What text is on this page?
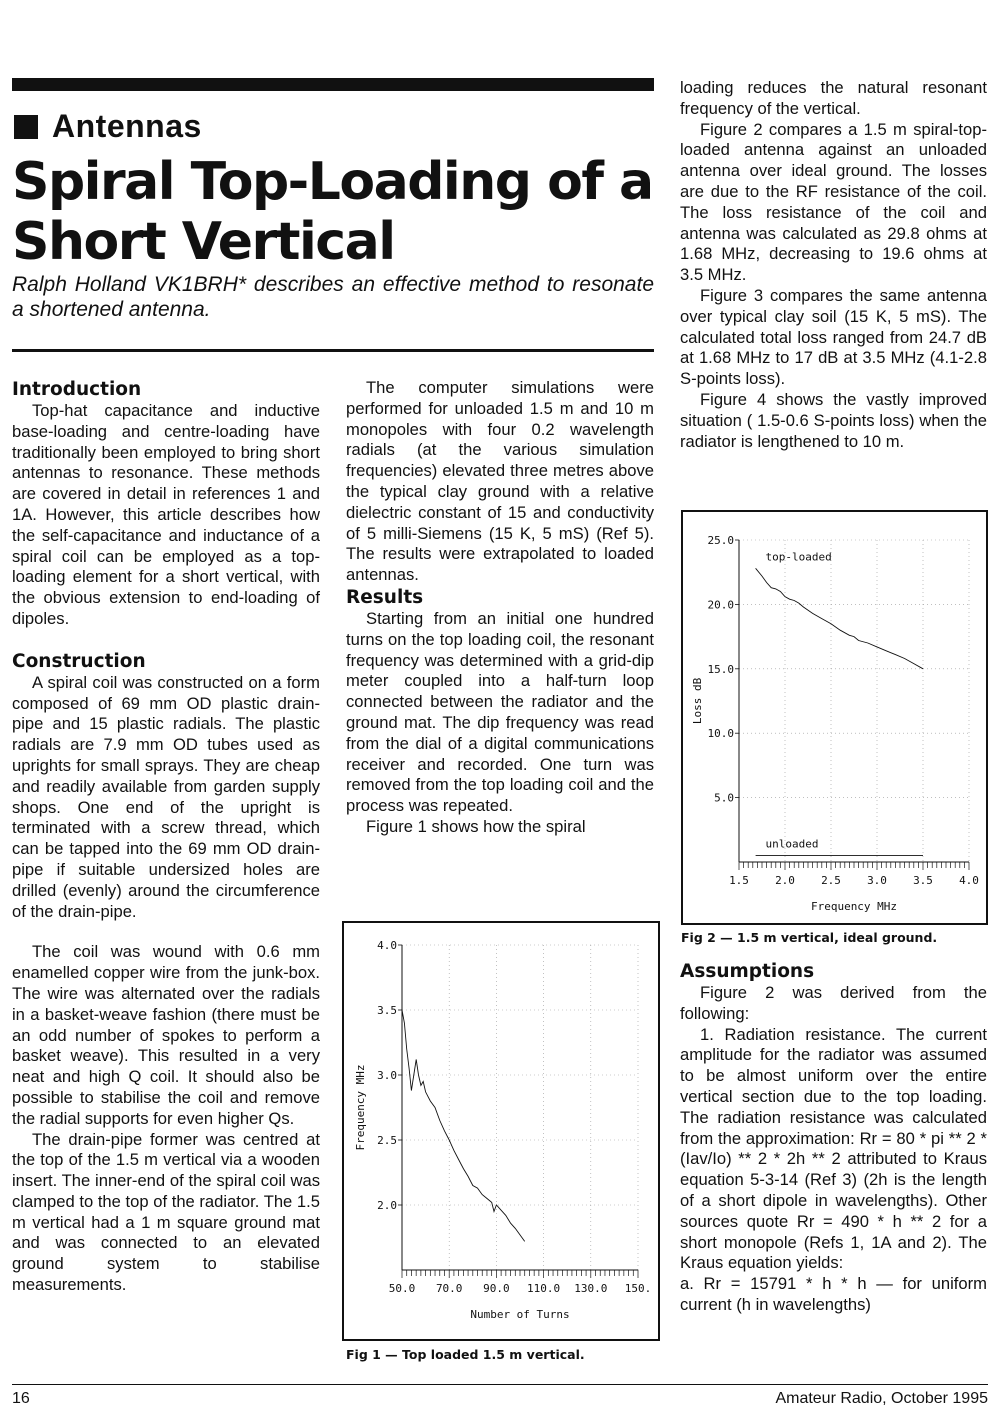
Antennas
Spiral Top-Loading of a
Short Vertical
Ralph Holland VK1BRH* describes an effective method to resonate a shortened antenna.
Introduction

Top-hat capacitance and inductive base-loading and centre-loading have traditionally been employed to bring short antennas to resonance. These methods are covered in detail in references 1 and 1A. However, this article describes how the self-capacitance and inductance of a spiral coil can be employed as a top-loading element for a short vertical, with the obvious extension to end-loading of dipoles.

Construction

A spiral coil was constructed on a form composed of 69 mm OD plastic drain-pipe and 15 plastic radials. The plastic radials are 7.9 mm OD tubes used as uprights for small sprays. They are cheap and readily available from garden supply shops. One end of the upright is terminated with a screw thread, which can be tapped into the 69 mm OD drain-pipe if suitable undersized holes are drilled (evenly) around the circumference of the drain-pipe.

The coil was wound with 0.6 mm enamelled copper wire from the junk-box. The wire was alternated over the radials in a basket-weave fashion (there must be an odd number of spokes to perform a basket weave). This resulted in a very neat and high Q coil. It should also be possible to stabilise the coil and remove the radial supports for even higher Qs.

The drain-pipe former was centred at the top of the 1.5 m vertical via a wooden insert. The inner-end of the spiral coil was clamped to the top of the radiator. The 1.5 m vertical had a 1 m square ground mat and was connected to an elevated ground system to stabilise measurements.

The computer simulations were performed for unloaded 1.5 m and 10 m monopoles with four 0.2 wavelength radials (at the various simulation frequencies) elevated three metres above the typical clay ground with a relative dielectric constant of 15 and conductivity of 5 milli-Siemens (15 K, 5 mS) (Ref 5). The results were extrapolated to loaded antennas.

Results

Starting from an initial one hundred turns on the top loading coil, the resonant frequency was determined with a grid-dip meter coupled into a half-turn loop connected between the radiator and the ground mat. The dip frequency was read from the dial of a digital communications receiver and recorded. One turn was removed from the top loading coil and the process was repeated.

Figure 1 shows how the spiral

2.0
2.5
3.0
3.5
4.0
50.0 70.0 90.0 110.0 130.0 150.
Number of Turns
Frequency MHz
Fig 1 — Top loaded 1.5 m vertical.

loading reduces the natural resonant frequency of the vertical.

Figure 2 compares a 1.5 m spiral-top-loaded antenna against an unloaded antenna over ideal ground. The losses are due to the RF resistance of the coil. The loss resistance of the coil and antenna was calculated as 29.8 ohms at 1.68 MHz, decreasing to 19.6 ohms at 3.5 MHz.

Figure 3 compares the same antenna over typical clay soil (15 K, 5 mS). The calculated total loss ranged from 24.7 dB at 1.68 MHz to 17 dB at 3.5 MHz (4.1-2.8 S-points loss).

Figure 4 shows the vastly improved situation ( 1.5-0.6 S-points loss) when the radiator is lengthened to 10 m.

5.0
10.0
15.0
20.0
25.0
1.5 2.0 2.5 3.0 3.5 4.0
Frequency MHz
Loss dB
top-loaded
unloaded
Fig 2 — 1.5 m vertical, ideal ground.
Assumptions

Figure 2 was derived from the following:

1. Radiation resistance. The current amplitude for the radiator was assumed to be almost uniform over the entire vertical section due to the top loading. The radiation resistance was calculated from the approximation: Rr = 80 * pi ** 2 * (Iav/Io) ** 2 * 2h ** 2 attributed to Kraus equation 5-3-14 (Ref 3) (2h is the length of a short dipole in wavelengths). Other sources quote Rr = 490 * h ** 2 for a short monopole (Refs 1, 1A and 2). The Kraus equation yields:

a. Rr = 15791 * h * h — for uniform current (h in wavelengths)

16	Amateur Radio, October 1995
